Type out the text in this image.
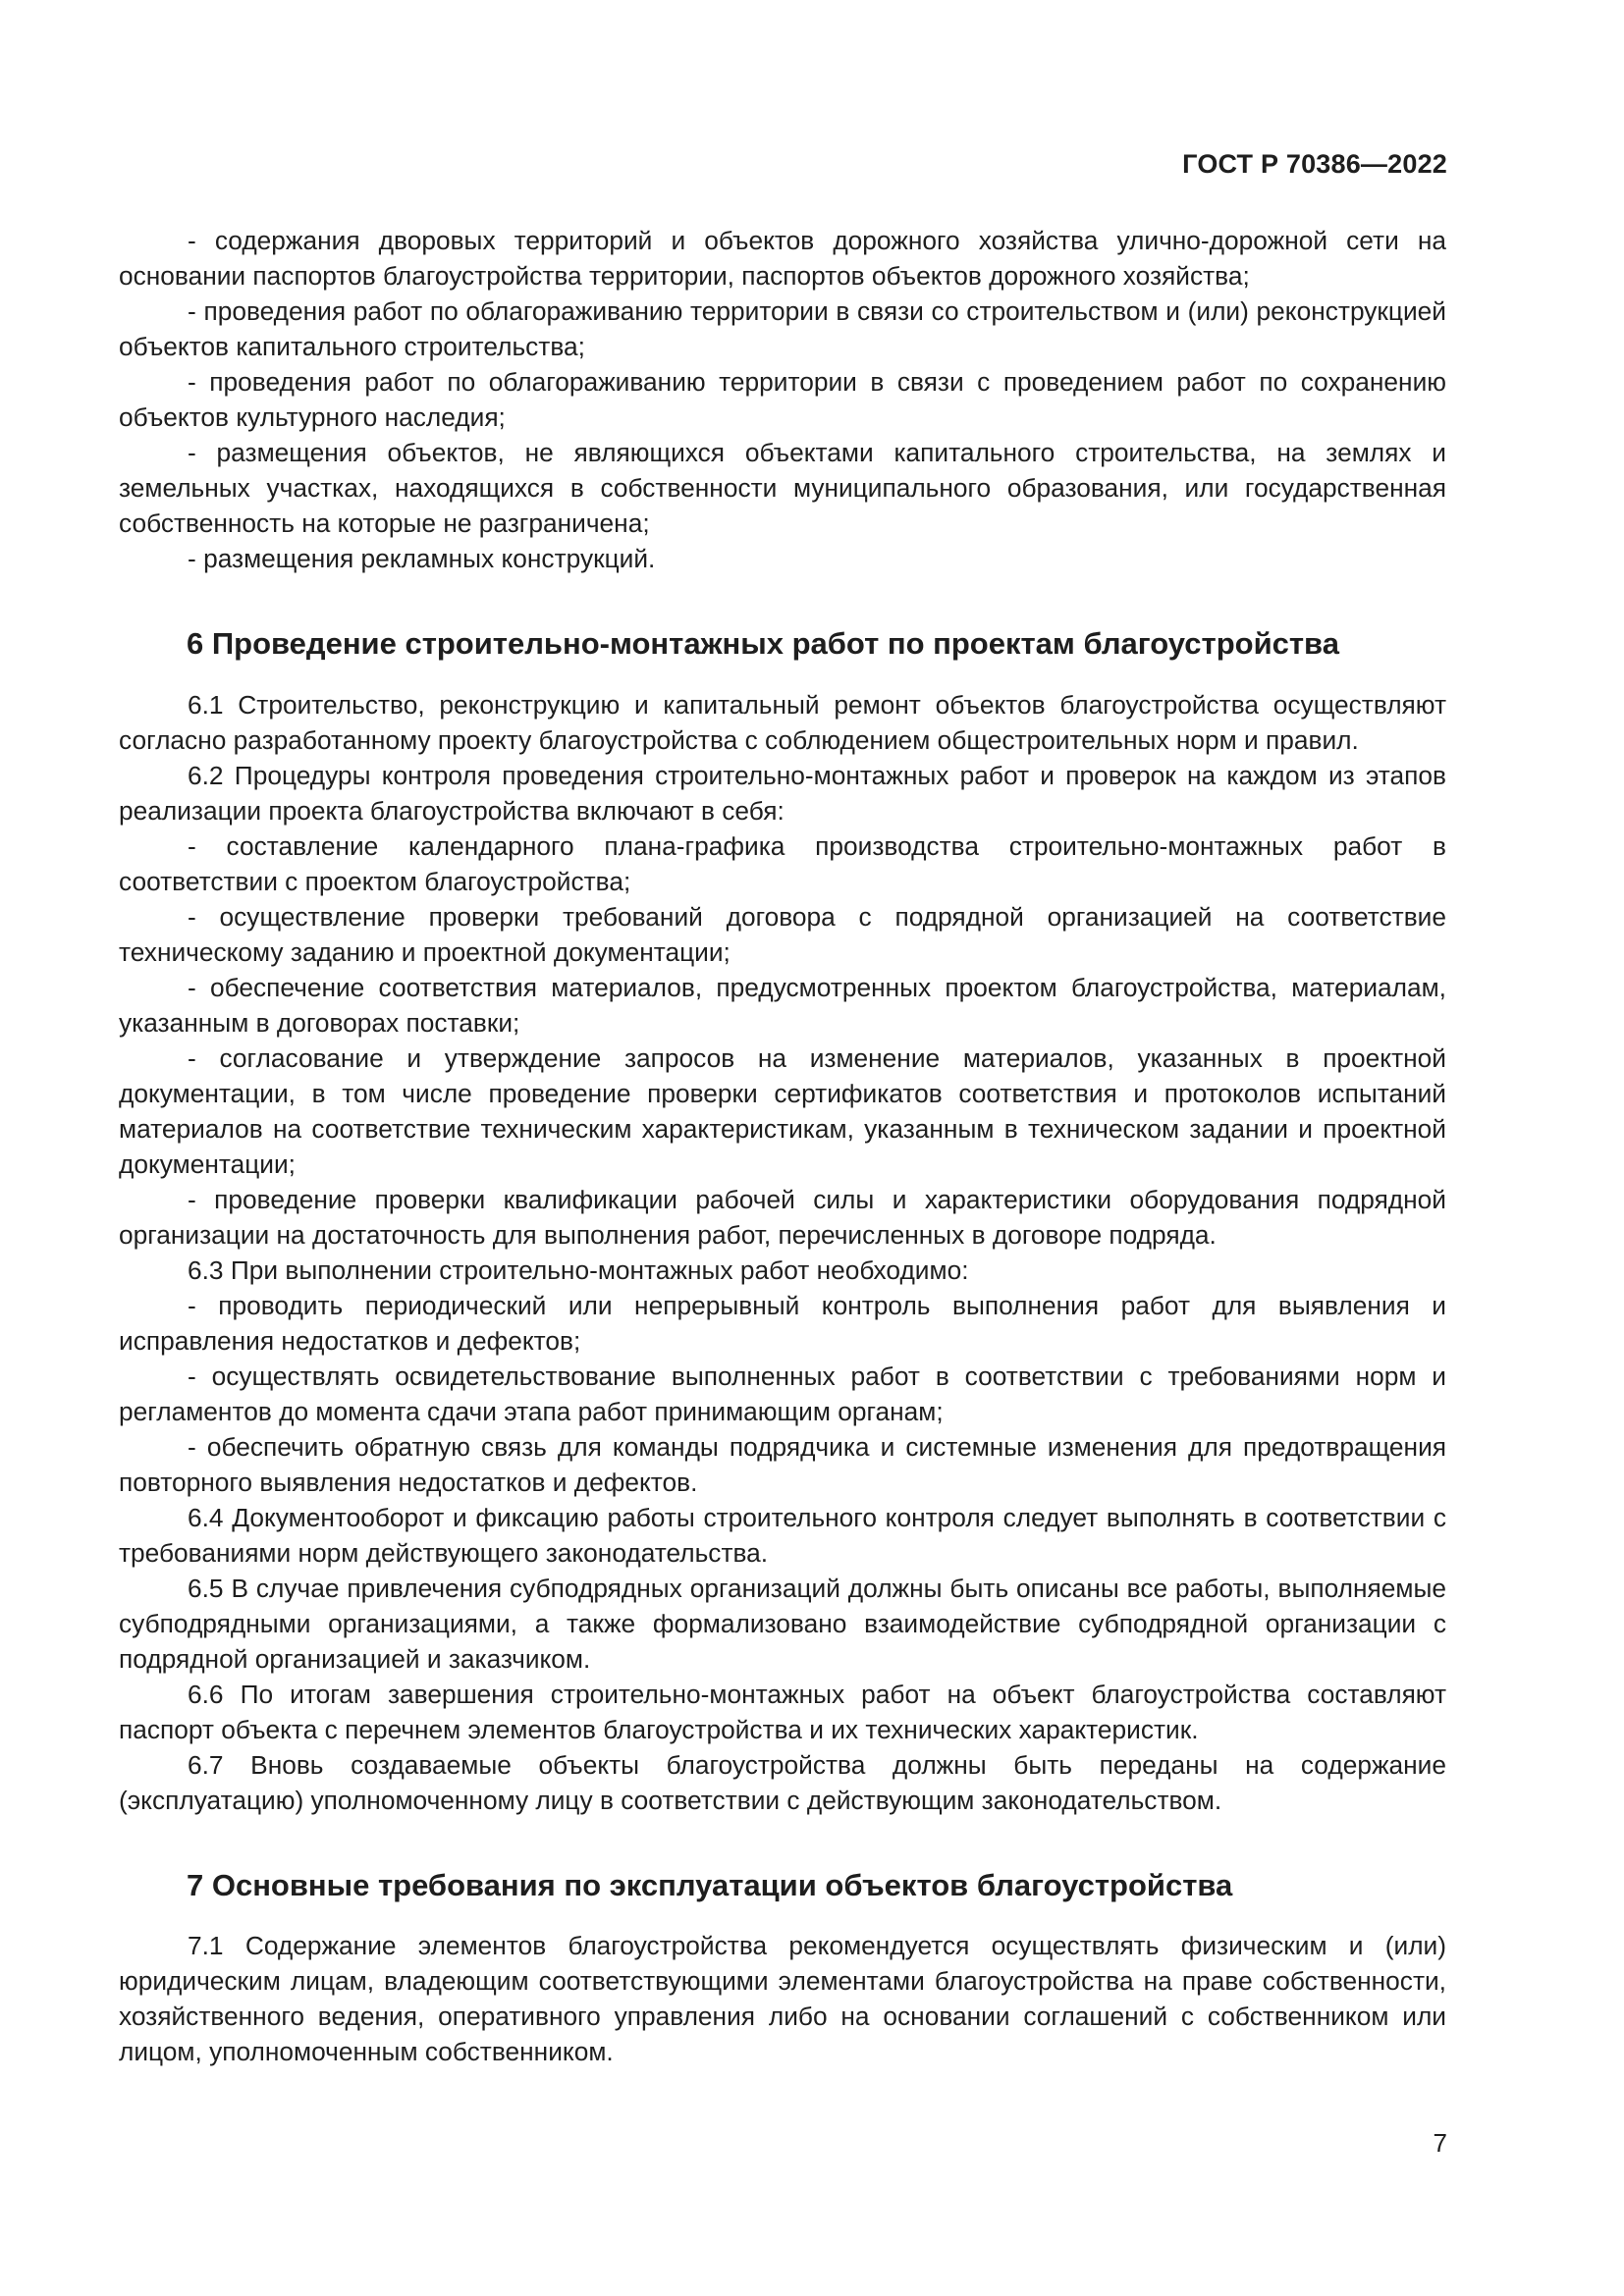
ГОСТ Р 70386—2022

- содержания дворовых территорий и объектов дорожного хозяйства улично-дорожной сети на основании паспортов благоустройства территории, паспортов объектов дорожного хозяйства;

- проведения работ по облагораживанию территории в связи со строительством и (или) реконструкцией объектов капитального строительства;

- проведения работ по облагораживанию территории в связи с проведением работ по сохранению объектов культурного наследия;

- размещения объектов, не являющихся объектами капитального строительства, на землях и земельных участках, находящихся в собственности муниципального образования, или государственная собственность на которые не разграничена;

- размещения рекламных конструкций.

6 Проведение строительно-монтажных работ по проектам благоустройства

6.1 Строительство, реконструкцию и капитальный ремонт объектов благоустройства осуществляют согласно разработанному проекту благоустройства с соблюдением общестроительных норм и правил.

6.2 Процедуры контроля проведения строительно-монтажных работ и проверок на каждом из этапов реализации проекта благоустройства включают в себя:

- составление календарного плана-графика производства строительно-монтажных работ в соответствии с проектом благоустройства;

- осуществление проверки требований договора с подрядной организацией на соответствие техническому заданию и проектной документации;

- обеспечение соответствия материалов, предусмотренных проектом благоустройства, материалам, указанным в договорах поставки;

- согласование и утверждение запросов на изменение материалов, указанных в проектной документации, в том числе проведение проверки сертификатов соответствия и протоколов испытаний материалов на соответствие техническим характеристикам, указанным в техническом задании и проектной документации;

- проведение проверки квалификации рабочей силы и характеристики оборудования подрядной организации на достаточность для выполнения работ, перечисленных в договоре подряда.

6.3 При выполнении строительно-монтажных работ необходимо:

- проводить периодический или непрерывный контроль выполнения работ для выявления и исправления недостатков и дефектов;

- осуществлять освидетельствование выполненных работ в соответствии с требованиями норм и регламентов до момента сдачи этапа работ принимающим органам;

- обеспечить обратную связь для команды подрядчика и системные изменения для предотвращения повторного выявления недостатков и дефектов.

6.4 Документооборот и фиксацию работы строительного контроля следует выполнять в соответствии с требованиями норм действующего законодательства.

6.5 В случае привлечения субподрядных организаций должны быть описаны все работы, выполняемые субподрядными организациями, а также формализовано взаимодействие субподрядной организации с подрядной организацией и заказчиком.

6.6 По итогам завершения строительно-монтажных работ на объект благоустройства составляют паспорт объекта с перечнем элементов благоустройства и их технических характеристик.

6.7 Вновь создаваемые объекты благоустройства должны быть переданы на содержание (эксплуатацию) уполномоченному лицу в соответствии с действующим законодательством.

7 Основные требования по эксплуатации объектов благоустройства

7.1 Содержание элементов благоустройства рекомендуется осуществлять физическим и (или) юридическим лицам, владеющим соответствующими элементами благоустройства на праве собственности, хозяйственного ведения, оперативного управления либо на основании соглашений с собственником или лицом, уполномоченным собственником.

7
